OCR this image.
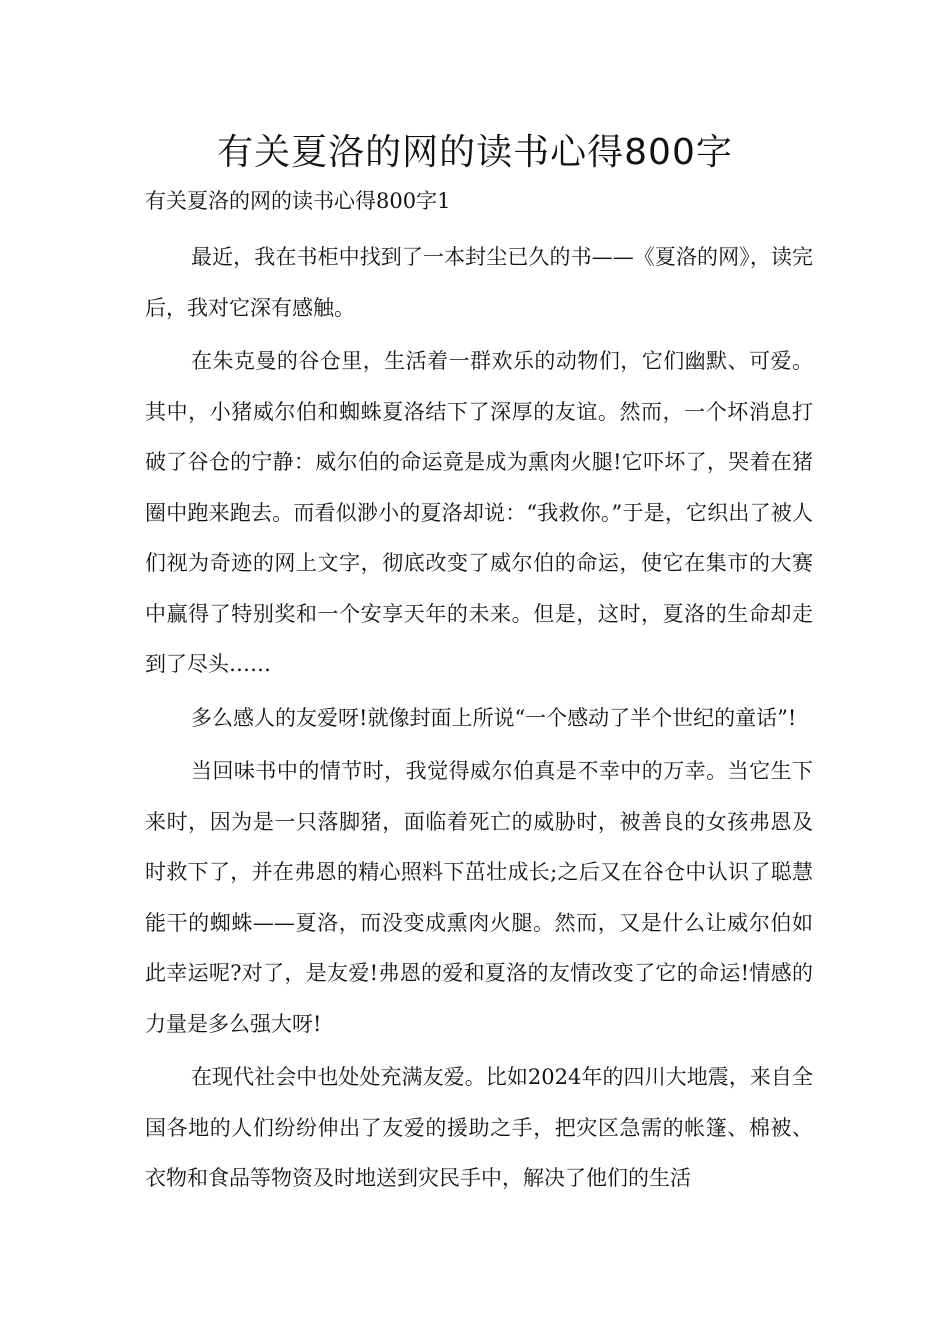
有关夏洛的网的读书心得800字
有关夏洛的网的读书心得800字1

最近，我在书柜中找到了一本封尘已久的书——《夏洛的网》，读完后，我对它深有感触。

在朱克曼的谷仓里，生活着一群欢乐的动物们，它们幽默、可爱。其中，小猪威尔伯和蜘蛛夏洛结下了深厚的友谊。然而，一个坏消息打破了谷仓的宁静：威尔伯的命运竟是成为熏肉火腿!它吓坏了，哭着在猪圈中跑来跑去。而看似渺小的夏洛却说：“我救你。”于是，它织出了被人们视为奇迹的网上文字，彻底改变了威尔伯的命运，使它在集市的大赛中赢得了特别奖和一个安享天年的未来。但是，这时，夏洛的生命却走到了尽头……

多么感人的友爱呀!就像封面上所说“一个感动了半个世纪的童话”!

当回味书中的情节时，我觉得威尔伯真是不幸中的万幸。当它生下来时，因为是一只落脚猪，面临着死亡的威胁时，被善良的女孩弗恩及时救下了，并在弗恩的精心照料下茁壮成长;之后又在谷仓中认识了聪慧能干的蜘蛛——夏洛，而没变成熏肉火腿。然而，又是什么让威尔伯如此幸运呢?对了，是友爱!弗恩的爱和夏洛的友情改变了它的命运!情感的力量是多么强大呀!

在现代社会中也处处充满友爱。比如2024年的四川大地震，来自全国各地的人们纷纷伸出了友爱的援助之手，把灾区急需的帐篷、棉被、衣物和食品等物资及时地送到灾民手中，解决了他们的生活
